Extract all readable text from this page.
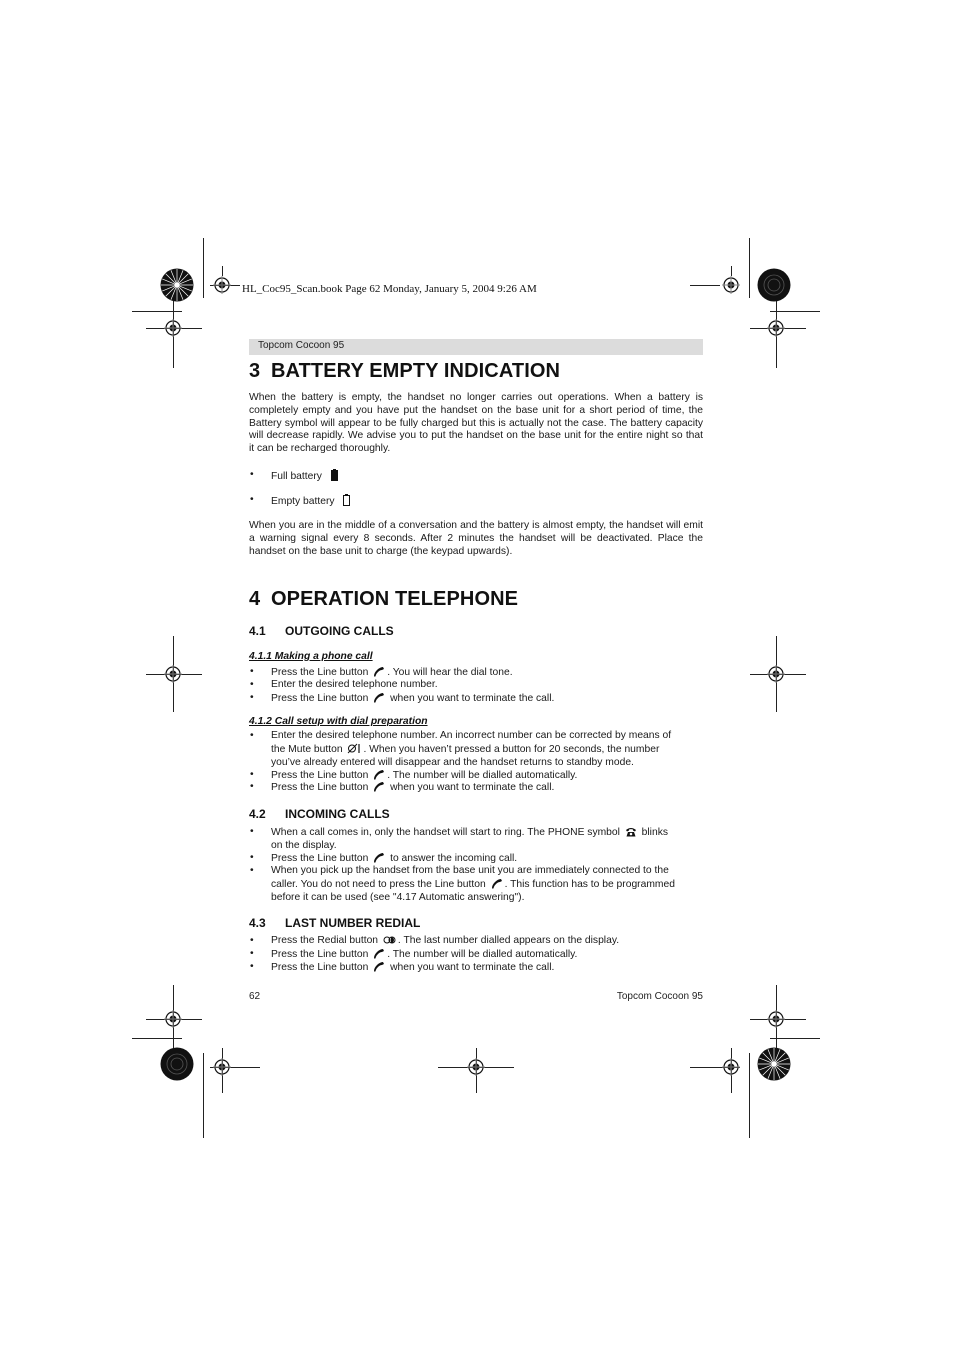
HL_Coc95_Scan.book Page 62 Monday, January 5, 2004 9:26 AM
Topcom Cocoon 95
3 BATTERY EMPTY INDICATION
When the battery is empty, the handset no longer carries out operations. When a battery is completely empty and you have put the handset on the base unit for a short period of time, the Battery symbol will appear to be fully charged but this is actually not the case. The battery capacity will decrease rapidly. We advise you to put the handset on the base unit for the entire night so that it can be recharged thoroughly.
• Full battery
• Empty battery
When you are in the middle of a conversation and the battery is almost empty, the handset will emit a warning signal every 8 seconds. After 2 minutes the handset will be deactivated. Place the handset on the base unit to charge (the keypad upwards).
4 OPERATION TELEPHONE
4.1 OUTGOING CALLS
4.1.1 Making a phone call
• Press the Line button . You will hear the dial tone.
• Enter the desired telephone number.
• Press the Line button when you want to terminate the call.
4.1.2 Call setup with dial preparation
• Enter the desired telephone number. An incorrect number can be corrected by means of
the Mute button . When you haven’t pressed a button for 20 seconds, the number
you’ve already entered will disappear and the handset returns to standby mode.
• Press the Line button . The number will be dialled automatically.
• Press the Line button when you want to terminate the call.
4.2 INCOMING CALLS
• When a call comes in, only the handset will start to ring. The PHONE symbol blinks
on the display.
• Press the Line button to answer the incoming call.
• When you pick up the handset from the base unit you are immediately connected to the
caller. You do not need to press the Line button . This function has to be programmed
before it can be used (see "4.17 Automatic answering").
4.3 LAST NUMBER REDIAL
• Press the Redial button . The last number dialled appears on the display.
• Press the Line button . The number will be dialled automatically.
• Press the Line button when you want to terminate the call.
62	Topcom Cocoon 95
